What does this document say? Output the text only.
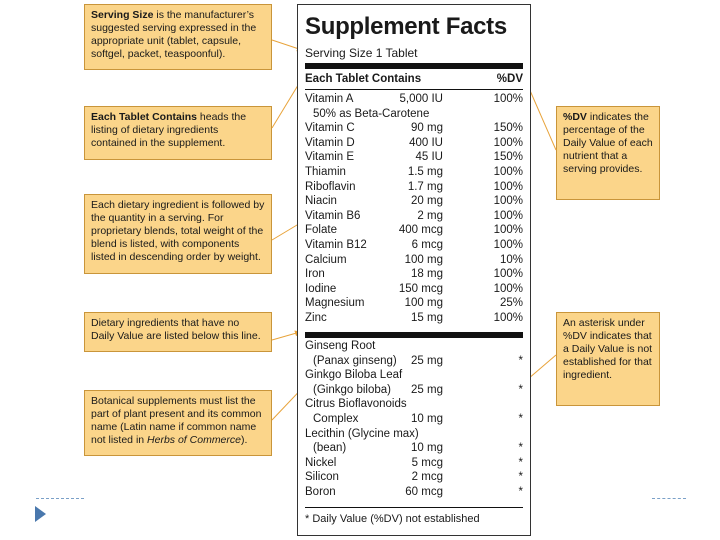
Serving Size is the manufacturer’s suggested serving expressed in the appropriate unit (tablet, capsule, softgel, packet, teaspoonful).
Each Tablet Contains heads the listing of dietary ingredients contained in the supplement.
Each dietary ingredient is followed by the quantity in a serving. For proprietary blends, total weight of the blend is listed, with components listed in descending order by weight.
Dietary ingredients that have no Daily Value are listed below this line.
Botanical supplements must list the part of plant present and its common name (Latin name if common name not listed in Herbs of Commerce).
%DV indicates the percentage of the Daily Value of each nutrient that a serving provides.
An asterisk under %DV indicates that a Daily Value is not established for that ingredient.
Supplement Facts
Serving Size 1 Tablet
Each Tablet Contains	%DV
Vitamin A	5,000 IU	100%
50% as Beta-Carotene
Vitamin C	90 mg	150%
Vitamin D	400 IU	100%
Vitamin E	45 IU	150%
Thiamin	1.5 mg	100%
Riboflavin	1.7 mg	100%
Niacin	20 mg	100%
Vitamin B6	2 mg	100%
Folate	400 mcg	100%
Vitamin B12	6 mcg	100%
Calcium	100 mg	10%
Iron	18 mg	100%
Iodine	150 mcg	100%
Magnesium	100 mg	25%
Zinc	15 mg	100%
Ginseng Root
(Panax ginseng) 25 mg	*
Ginkgo Biloba Leaf
(Ginkgo biloba) 25 mg	*
Citrus Bioflavonoids
Complex	10 mg	*
Lecithin (Glycine max)
(bean)	10 mg	*
Nickel	5 mcg	*
Silicon	2 mcg	*
Boron	60 mcg	*
* Daily Value (%DV) not established
